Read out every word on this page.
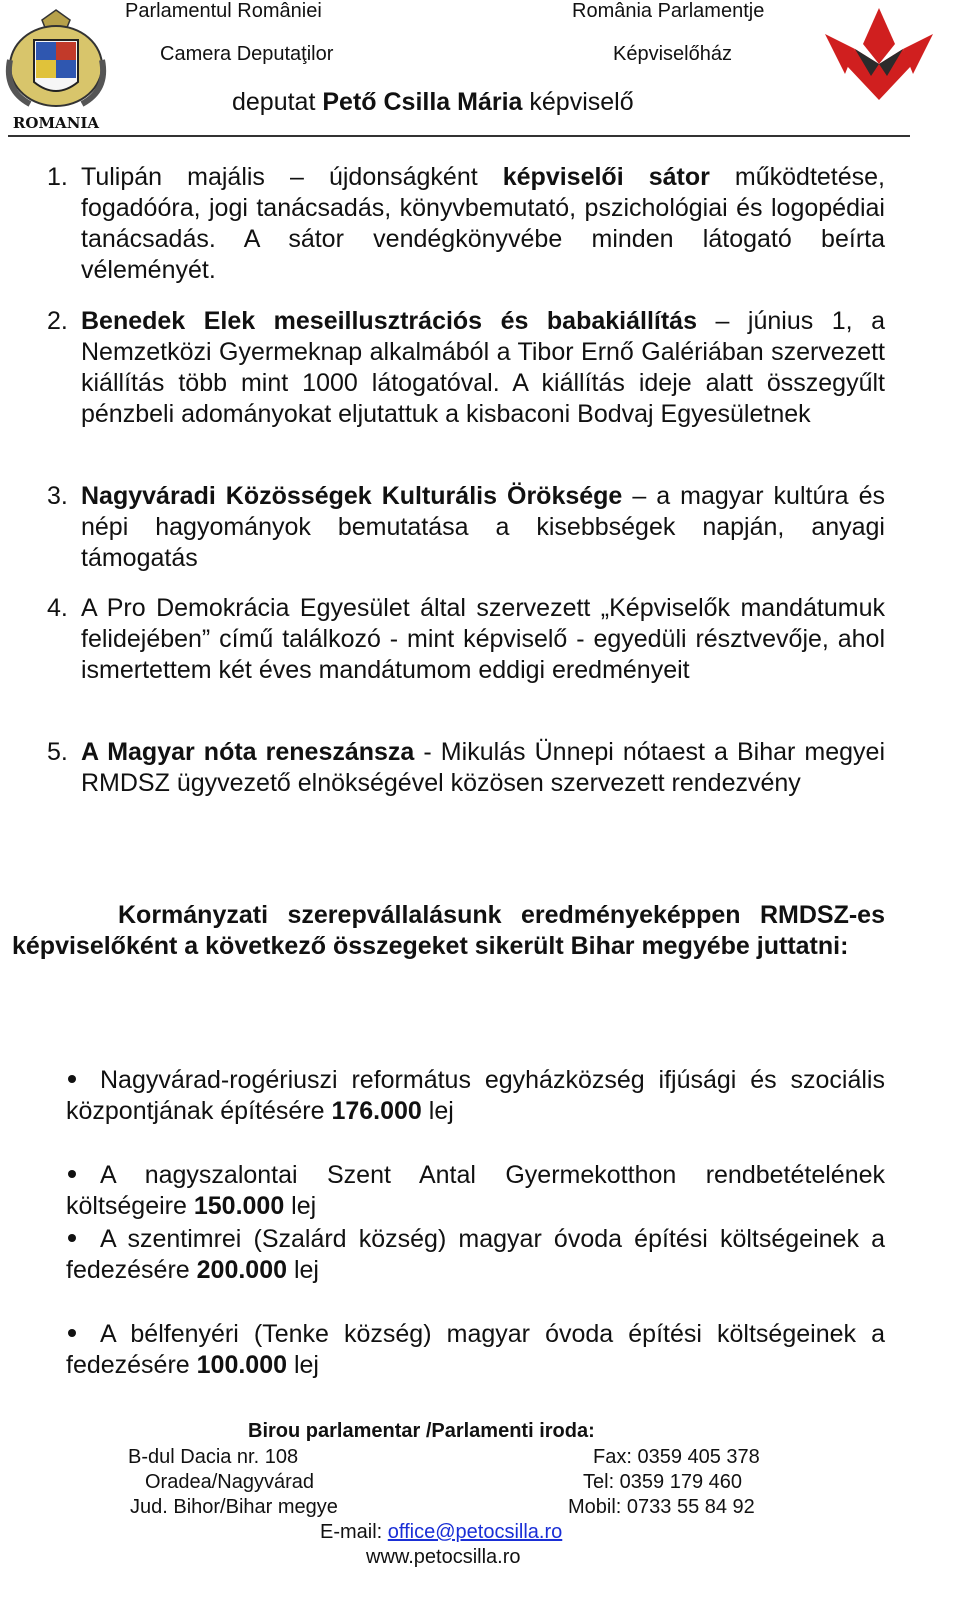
ROMANIA
Parlamentul României
Camera Deputaţilor
România Parlamentje
Képviselőház
deputat Pető Csilla Mária képviselő
1. Tulipán majális – újdonságként képviselői sátor működtetése, fogadóóra, jogi tanácsadás, könyvbemutató, pszichológiai és logopédiai tanácsadás. A sátor vendégkönyvébe minden látogató beírta véleményét.
2. Benedek Elek meseillusztrációs és babakiállítás – június 1, a Nemzetközi Gyermeknap alkalmából a Tibor Ernő Galériában szervezett kiállítás több mint 1000 látogatóval. A kiállítás ideje alatt összegyűlt pénzbeli adományokat eljutattuk a kisbaconi Bodvaj Egyesületnek
3. Nagyváradi Közösségek Kulturális Öröksége – a magyar kultúra és népi hagyományok bemutatása a kisebbségek napján, anyagi támogatás
4. A Pro Demokrácia Egyesület által szervezett „Képviselők mandátumuk felidejében” című találkozó - mint képviselő - egyedüli résztvevője, ahol ismertettem két éves mandátumom eddigi eredményeit
5. A Magyar nóta reneszánsza - Mikulás Ünnepi nótaest a Bihar megyei RMDSZ ügyvezető elnökségével közösen szervezett rendezvény
Kormányzati szerepvállalásunk eredményeképpen RMDSZ-es képviselőként a következő összegeket sikerült Bihar megyébe juttatni:
Nagyvárad-rogériuszi református egyházközség ifjúsági és szociális központjának építésére 176.000 lej
A nagyszalontai Szent Antal Gyermekotthon rendbetételének költségeire 150.000 lej
A szentimrei (Szalárd község) magyar óvoda építési költségeinek a fedezésére 200.000 lej
A bélfenyéri (Tenke község) magyar óvoda építési költségeinek a fedezésére 100.000 lej
Birou parlamentar /Parlamenti iroda:
B-dul Dacia nr. 108
Oradea/Nagyvárad
Jud. Bihor/Bihar megye
Fax: 0359 405 378
Tel: 0359 179 460
Mobil: 0733 55 84 92
E-mail: office@petocsilla.ro
www.petocsilla.ro
